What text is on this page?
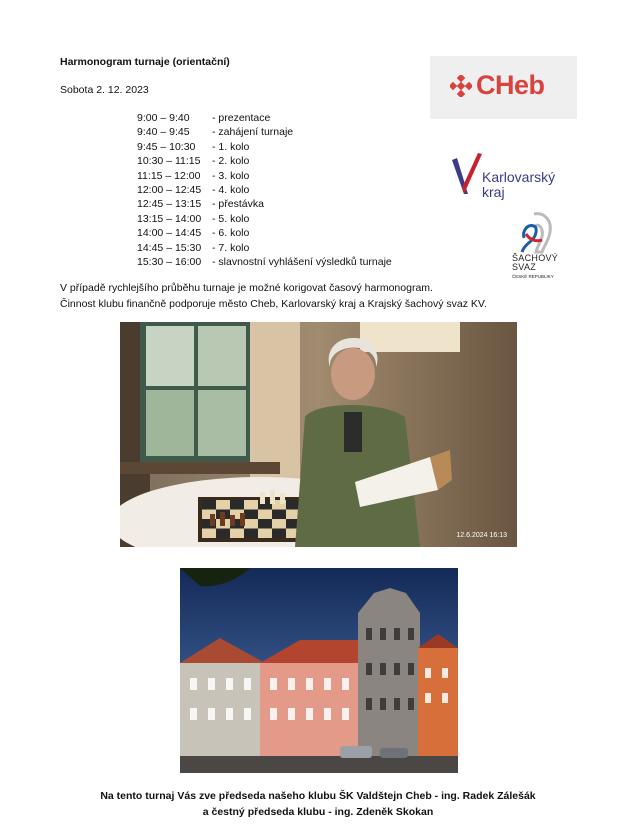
Harmonogram turnaje (orientační)
Sobota 2. 12. 2023
9:00 – 9:40 - prezentace
9:40 – 9:45 - zahájení turnaje
9:45 – 10:30 - 1. kolo
10:30 – 11:15 - 2. kolo
11:15 – 12:00 - 3. kolo
12:00 – 12:45 - 4. kolo
12:45 – 13:15 - přestávka
13:15 – 14:00 - 5. kolo
14:00 – 14:45 - 6. kolo
14:45 – 15:30 - 7. kolo
15:30 – 16:00 - slavnostní vyhlášení výsledků turnaje
V případě rychlejšího průběhu turnaje je možné korigovat časový harmonogram.
Činnost klubu finančně podporuje město Cheb, Karlovarský kraj a Krajský šachový svaz KV.
CHeb
Karlovarský
kraj
ŠACHOVÝ
SVAZ
ČESKÉ REPUBLIKY
12.6.2024 16:13
Na tento turnaj Vás zve předseda našeho klubu ŠK Valdštejn Cheb - ing. Radek Zálešák
a čestný předseda klubu - ing. Zdeněk Skokan
